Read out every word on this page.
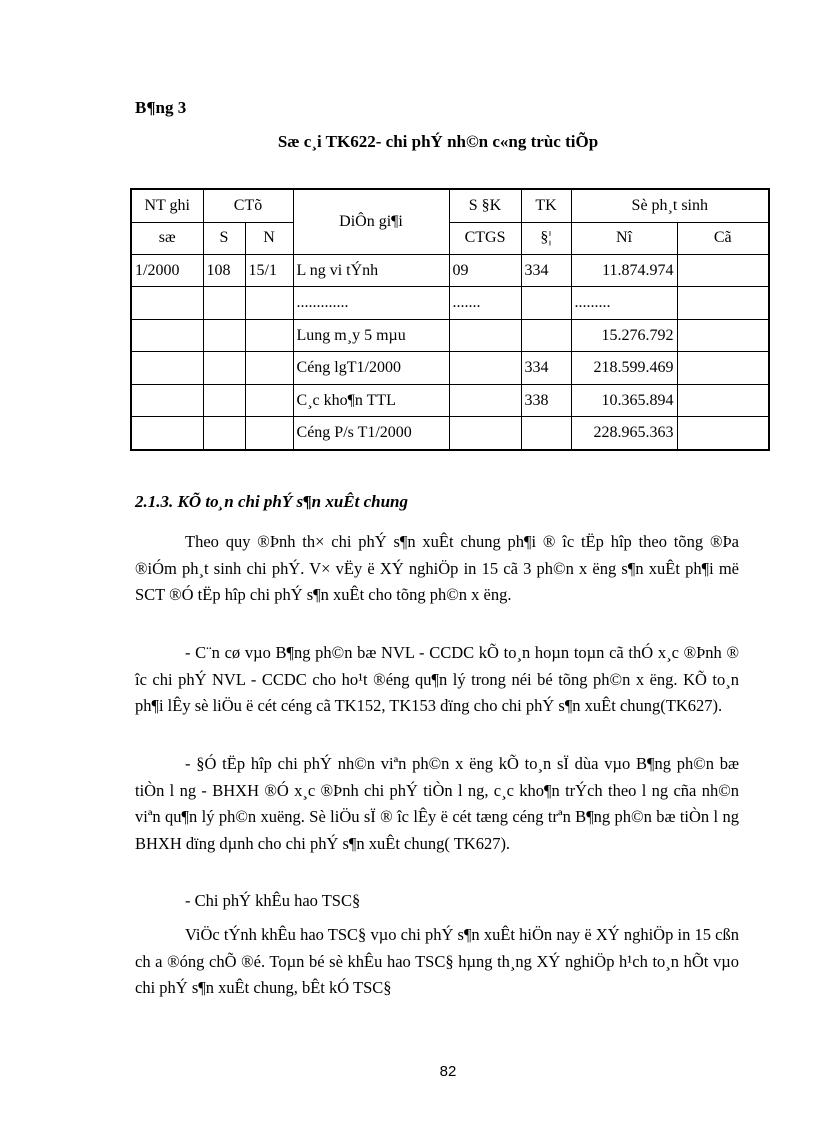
B¶ng 3
Sæ c¸i TK622- chi phÝ nh©n c«ng trùc tiÕp
NT ghi	CTõ		DiÔn gi¶i	S §K	TK	Sè ph¸t sinh	
sæ	S	N		CTGS	§¦	Nî	Cã
1/2000	108	15/1	L ng vi tÝnh	09	334	11.874.974	
			.............	.......		.........	
			Lung m¸y 5 mµu			15.276.792	
			Céng lgT1/2000		334	218.599.469	
			C¸c kho¶n TTL		338	10.365.894	
			Céng P/s T1/2000			228.965.363	
2.1.3. KÕ to¸n chi phÝ s¶n xuÊt chung

Theo quy ®Þnh th× chi phÝ s¶n xuÊt chung ph¶i ® îc tËp hîp theo tõng ®Þa ®iÓm ph¸t sinh chi phÝ. V× vËy ë XÝ nghiÖp in 15 cã 3 ph©n x ëng s¶n xuÊt ph¶i më SCT ®Ó tËp hîp chi phÝ s¶n xuÊt cho tõng ph©n x ëng.

- C¨n cø vµo B¶ng ph©n bæ NVL - CCDC kÕ to¸n hoµn toµn cã thÓ x¸c ®Þnh ® îc chi phÝ NVL - CCDC cho ho¹t ®éng qu¶n lý trong néi bé tõng ph©n x ëng. KÕ to¸n ph¶i lÊy sè liÖu ë cét céng cã TK152, TK153 dïng cho chi phÝ s¶n xuÊt chung(TK627).

- §Ó tËp hîp chi phÝ nh©n viªn ph©n x ëng kÕ to¸n sÏ dùa vµo B¶ng ph©n bæ tiÒn l ng - BHXH ®Ó x¸c ®Þnh chi phÝ tiÒn l ng, c¸c kho¶n trÝch theo l ng cña nh©n viªn qu¶n lý ph©n xuëng. Sè liÖu sÏ ® îc lÊy ë cét tæng céng trªn B¶ng ph©n bæ tiÒn l ng BHXH dïng dµnh cho chi phÝ s¶n xuÊt chung( TK627).

- Chi phÝ khÊu hao TSC§

ViÖc tÝnh khÊu hao TSC§ vµo chi phÝ s¶n xuÊt hiÖn nay ë XÝ nghiÖp in 15 cßn ch a ®óng chÕ ®é. Toµn bé sè khÊu hao TSC§ hµng th¸ng XÝ nghiÖp h¹ch to¸n hÕt vµo chi phÝ s¶n xuÊt chung, bÊt kÓ TSC§

82
